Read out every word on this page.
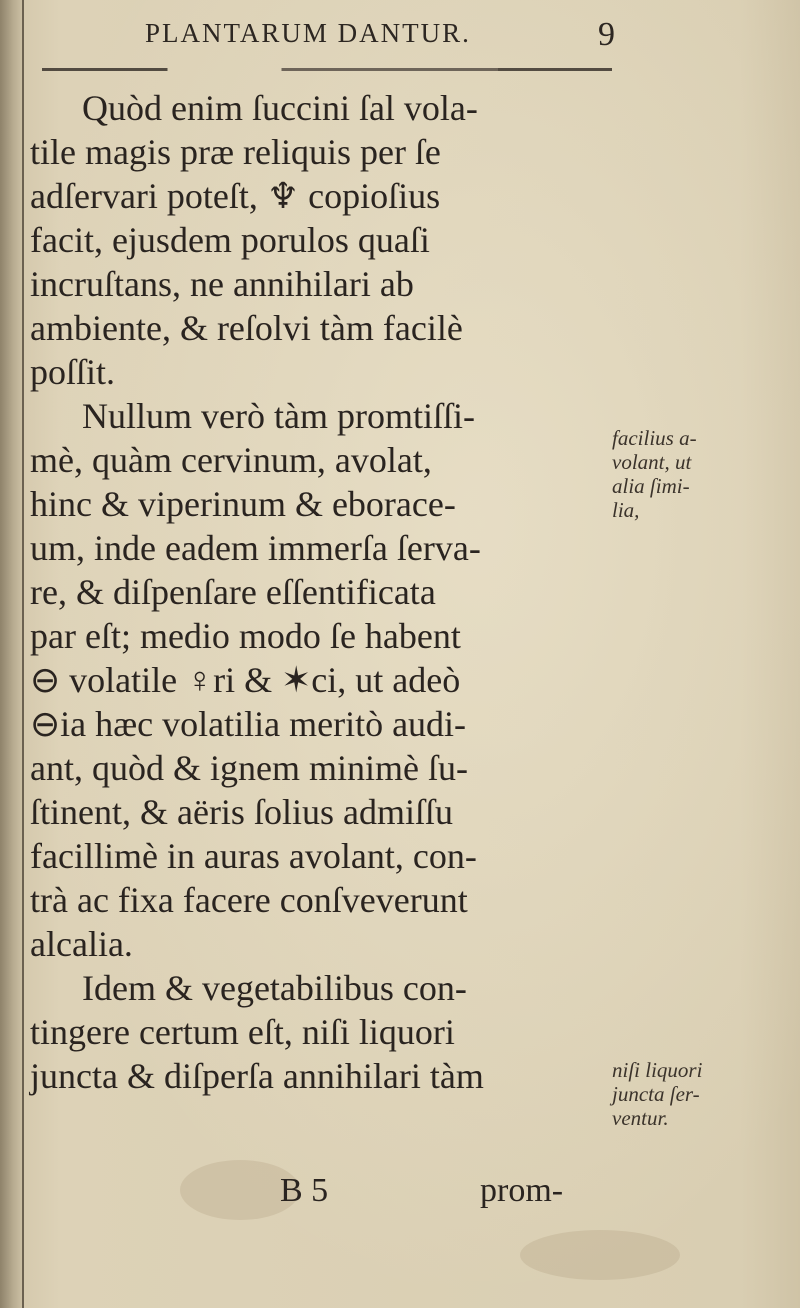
PLANTARUM DANTUR.	9
Quòd enim ſuccini ſal vola-
tile magis præ reliquis per ſe
adſervari poteſt, ♆ copioſius
facit, ejusdem porulos quaſi
incruſtans, ne annihilari ab
ambiente, & reſolvi tàm facilè
poſſit.
Nullum verò tàm promtiſſi-
mè, quàm cervinum, avolat,
hinc & viperinum & eborace-
um, inde eadem immerſa ſerva-
re, & diſpenſare eſſentificata
par eſt; medio modo ſe habent
⊖ volatile ♀ri & ✶ci, ut adeò
⊖ia hæc volatilia meritò audi-
ant, quòd & ignem minimè ſu-
ſtinent, & aëris ſolius admiſſu
facillimè in auras avolant, con-
trà ac fixa facere conſveverunt
alcalia.
Idem & vegetabilibus con-
tingere certum eſt, niſi liquori
juncta & diſperſa annihilari tàm
facilius a-
volant, ut
alia ſimi-
lia,
niſi liquori
juncta ſer-
ventur.
B 5	prom-
